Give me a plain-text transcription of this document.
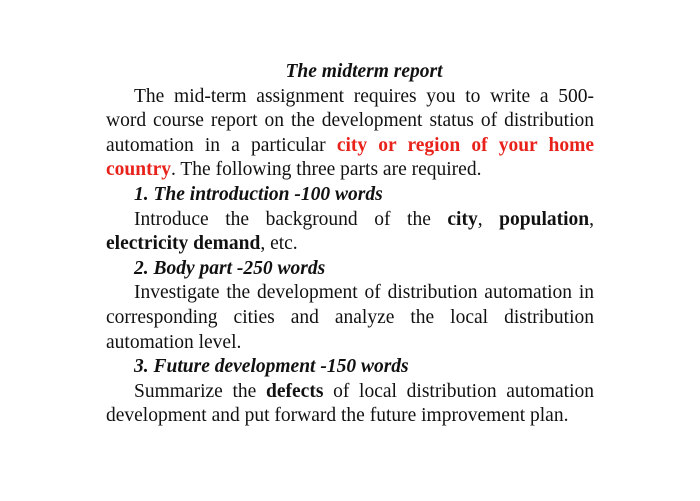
The midterm report

The mid-term assignment requires you to write a 500-word course report on the development status of distribution automation in a particular city or region of your home country. The following three parts are required.

1. The introduction -100 words

Introduce the background of the city, population, electricity demand, etc.

2. Body part -250 words

Investigate the development of distribution automation in corresponding cities and analyze the local distribution automation level.

3. Future development -150 words

Summarize the defects of local distribution automation development and put forward the future improvement plan.
